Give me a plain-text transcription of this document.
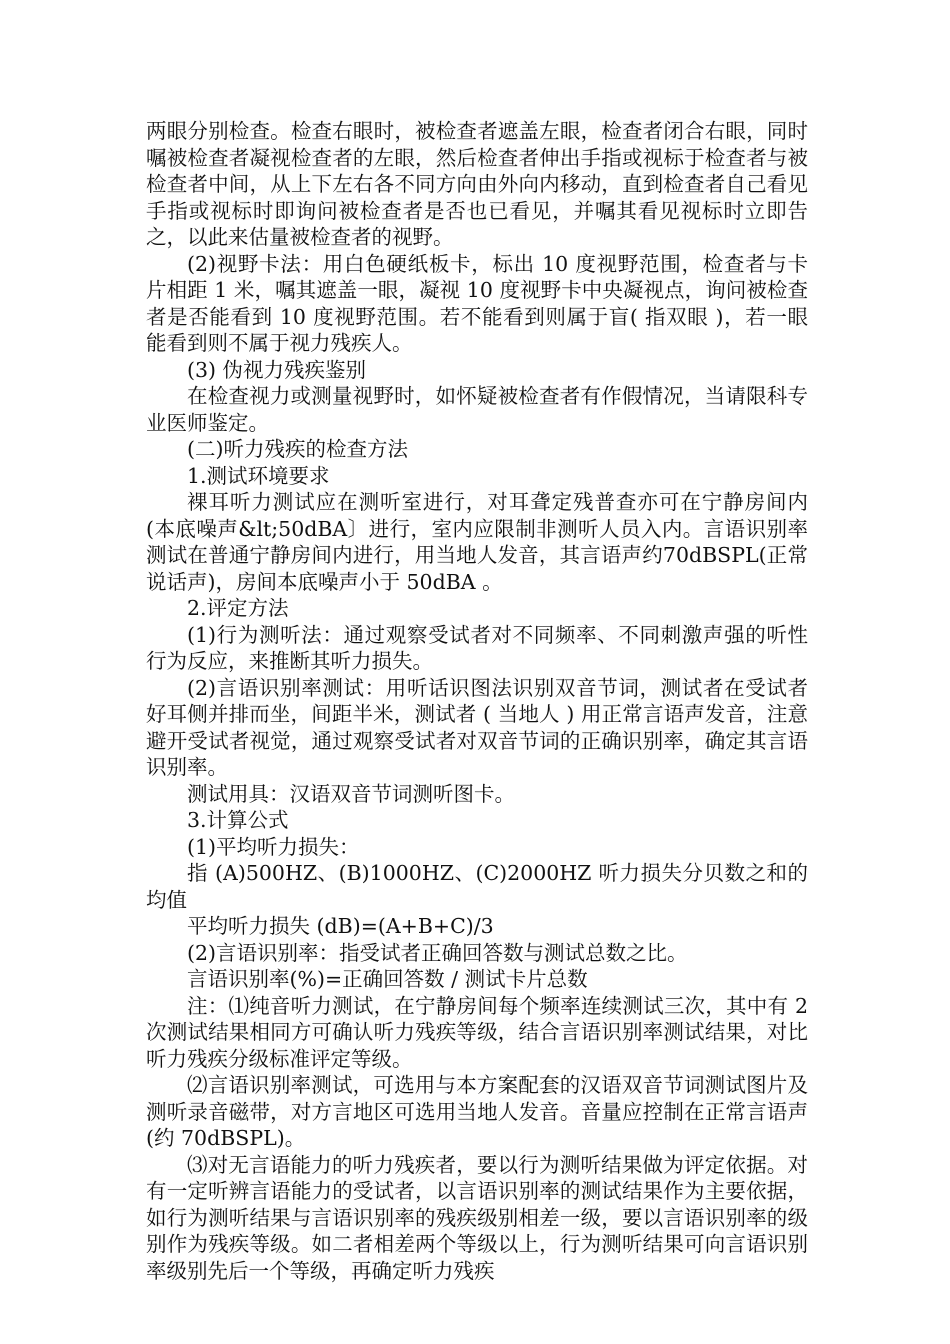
两眼分别检查。检查右眼时，被检查者遮盖左眼，检查者闭合右眼，同时嘱被检查者凝视检查者的左眼，然后检查者伸出手指或视标于检查者与被检查者中间，从上下左右各不同方向由外向内移动，直到检查者自己看见手指或视标时即询问被检查者是否也已看见，并嘱其看见视标时立即告之，以此来估量被检查者的视野。

(2)视野卡法：用白色硬纸板卡，标出 10 度视野范围，检查者与卡片相距 1 米，嘱其遮盖一眼，凝视 10 度视野卡中央凝视点，询问被检查者是否能看到 10 度视野范围。若不能看到则属于盲( 指双眼 )，若一眼能看到则不属于视力残疾人。

(3) 伪视力残疾鉴别

在检查视力或测量视野时，如怀疑被检查者有作假情况，当请限科专业医师鉴定。

(二)听力残疾的检查方法

1.测试环境要求

裸耳听力测试应在测听室进行，对耳聋定残普查亦可在宁静房间内(本底噪声&lt;50dBA〕进行，室内应限制非测听人员入内。言语识别率测试在普通宁静房间内进行，用当地人发音，其言语声约70dBSPL(正常说话声)，房间本底噪声小于 50dBA 。

2.评定方法

(1)行为测听法：通过观察受试者对不同频率、不同刺激声强的听性行为反应，来推断其听力损失。

(2)言语识别率测试：用听话识图法识别双音节词，测试者在受试者好耳侧并排而坐，间距半米，测试者 ( 当地人 ) 用正常言语声发音，注意避开受试者视觉，通过观察受试者对双音节词的正确识别率，确定其言语识别率。

测试用具：汉语双音节词测听图卡。

3.计算公式

(1)平均听力损失：

指 (A)500HZ、(B)1000HZ、(C)2000HZ 听力损失分贝数之和的均值

平均听力损失 (dB)=(A+B+C)/3

(2)言语识别率：指受试者正确回答数与测试总数之比。

言语识别率(%)=正确回答数 / 测试卡片总数

注：⑴纯音听力测试，在宁静房间每个频率连续测试三次，其中有 2 次测试结果相同方可确认听力残疾等级，结合言语识别率测试结果，对比听力残疾分级标准评定等级。

⑵言语识别率测试，可选用与本方案配套的汉语双音节词测试图片及测听录音磁带，对方言地区可选用当地人发音。音量应控制在正常言语声(约 70dBSPL)。

⑶对无言语能力的听力残疾者，要以行为测听结果做为评定依据。对有一定听辨言语能力的受试者，以言语识别率的测试结果作为主要依据，如行为测听结果与言语识别率的残疾级别相差一级，要以言语识别率的级别作为残疾等级。如二者相差两个等级以上，行为测听结果可向言语识别率级别先后一个等级，再确定听力残疾
